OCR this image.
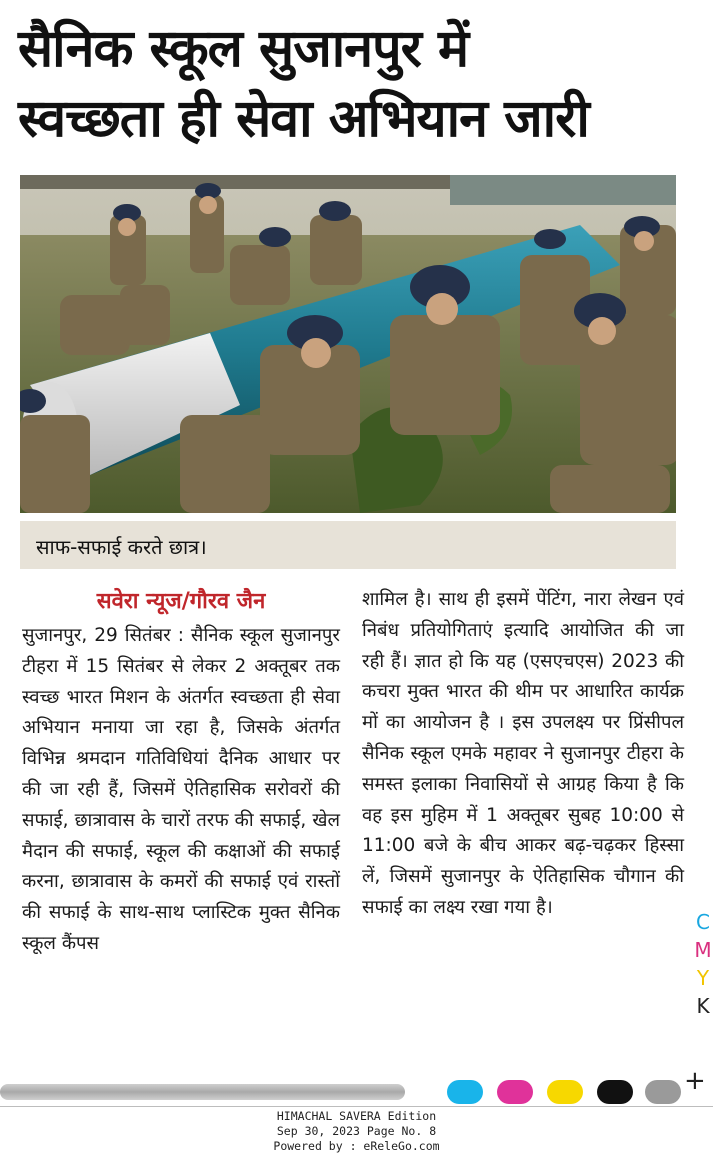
सैनिक स्कूल सुजानपुर में
स्वच्छता ही सेवा अभियान जारी
साफ-सफाई करते छात्र।
सवेरा न्यूज/गौरव जैन

सुजानपुर, 29 सितंबर : सैनिक स्कूल सुजानपुर टीहरा में 15 सितंबर से लेकर 2 अक्तूबर तक स्वच्छ भारत मिशन के अंतर्गत स्वच्छता ही सेवा अभियान मनाया जा रहा है, जिसके अंतर्गत विभिन्न श्रमदान गतिविधियां दैनिक आधार पर की जा रही हैं, जिसमें ऐतिहासिक सरोवरों की सफाई, छात्रावास के चारों तरफ की सफाई, खेल मैदान की सफाई, स्कूल की कक्षाओं की सफाई करना, छात्रावास के कमरों की सफाई एवं रास्तों की सफाई के साथ-साथ प्लास्टिक मुक्त सैनिक स्कूल कैंपस

शामिल है। साथ ही इसमें पेंटिंग, नारा लेखन एवं निबंध प्रतियोगिताएं इत्यादि आयोजित की जा रही हैं। ज्ञात हो कि यह (एसएचएस) 2023 की कचरा मुक्त भारत की थीम पर आधारित कार्यक्र मों का आयोजन है । इस उपलक्ष्य पर प्रिंसीपल सैनिक स्कूल एमके महावर ने सुजानपुर टीहरा के समस्त इलाका निवासियों से आग्रह किया है कि वह इस मुहिम में 1 अक्तूबर सुबह 10:00 से 11:00 बजे के बीच आकर बढ़-चढ़कर हिस्सा लें, जिसमें सुजानपुर के ऐतिहासिक चौगान की सफाई का लक्ष्य रखा गया है।

C
M
Y
K
+
HIMACHAL SAVERA Edition
Sep 30, 2023 Page No. 8
Powered by : eReleGo.com
